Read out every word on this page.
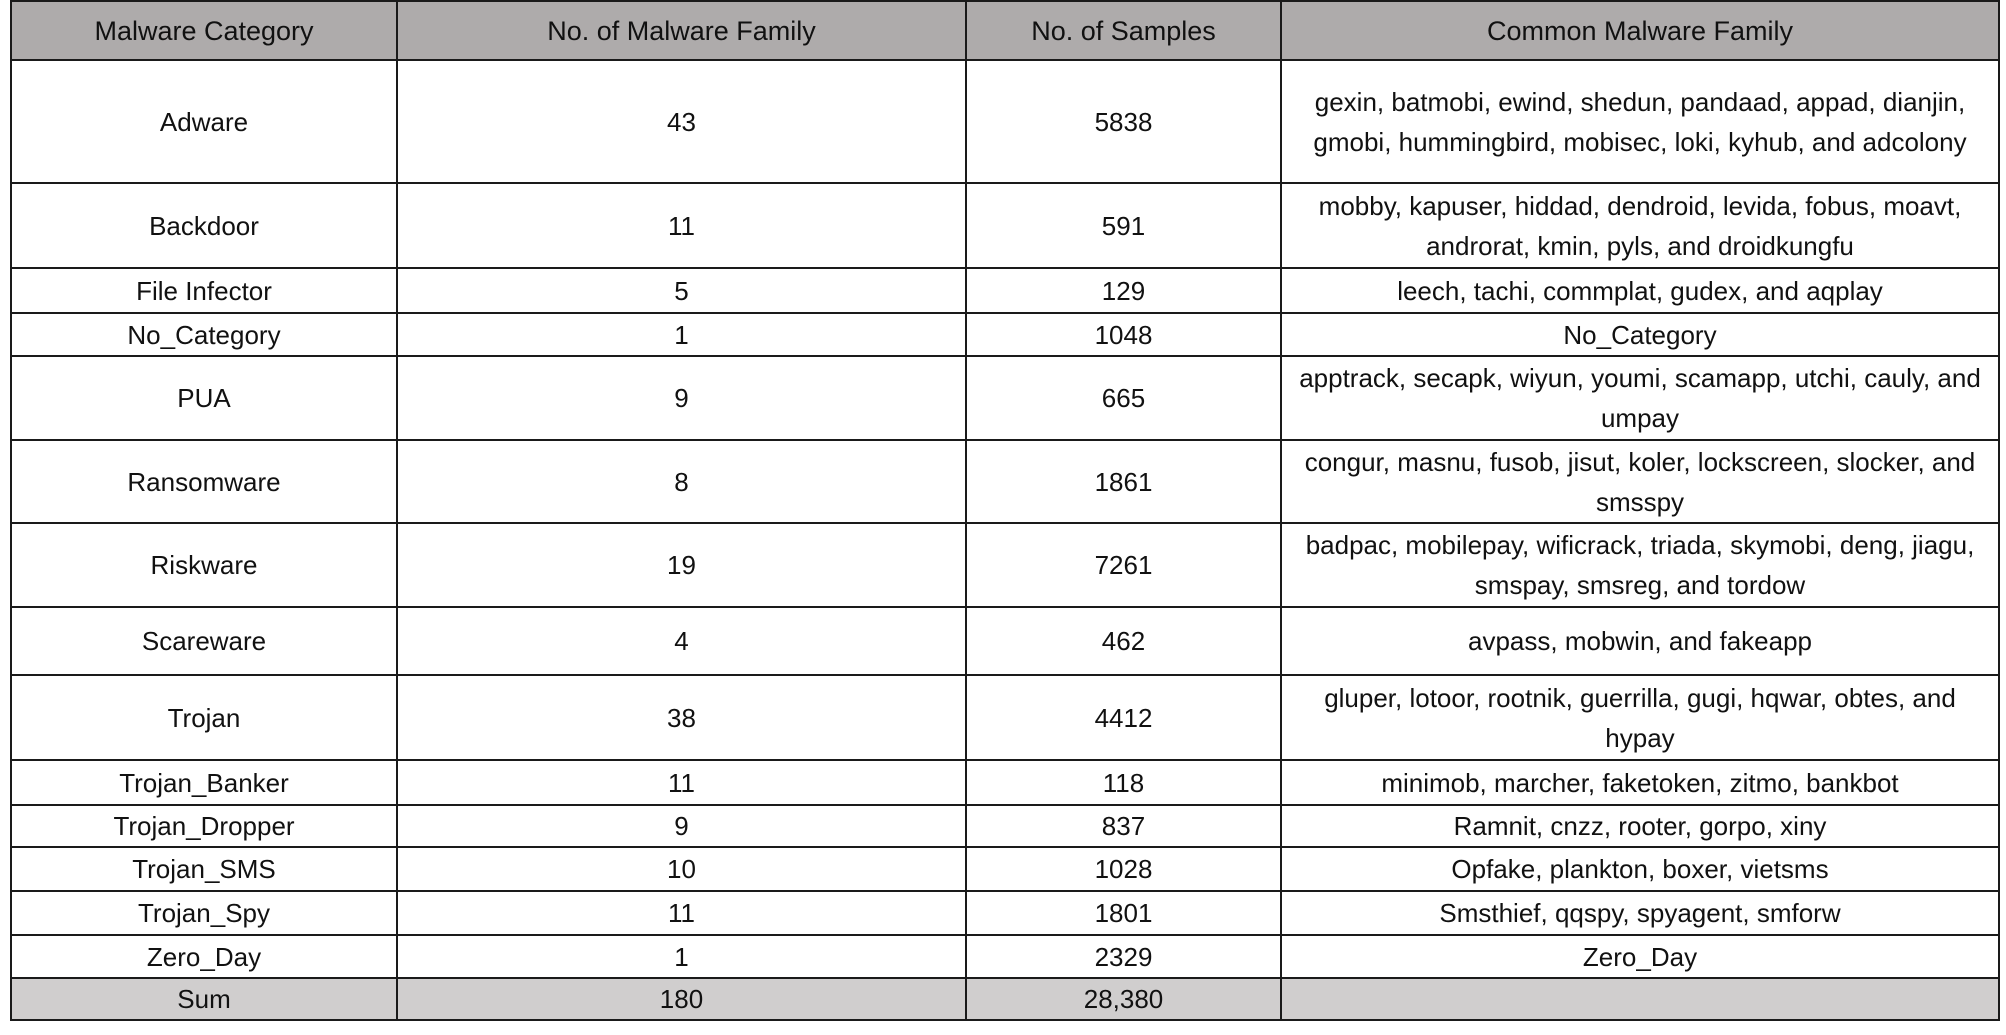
Malware Category	No. of Malware Family	No. of Samples	Common Malware Family
Adware	43	5838	gexin, batmobi, ewind, shedun, pandaad, appad, dianjin, gmobi, hummingbird, mobisec, loki, kyhub, and adcolony
Backdoor	11	591	mobby, kapuser, hiddad, dendroid, levida, fobus, moavt, androrat, kmin, pyls, and droidkungfu
File Infector	5	129	leech, tachi, commplat, gudex, and aqplay
No_Category	1	1048	No_Category
PUA	9	665	apptrack, secapk, wiyun, youmi, scamapp, utchi, cauly, and umpay
Ransomware	8	1861	congur, masnu, fusob, jisut, koler, lockscreen, slocker, and smsspy
Riskware	19	7261	badpac, mobilepay, wificrack, triada, skymobi, deng, jiagu, smspay, smsreg, and tordow
Scareware	4	462	avpass, mobwin, and fakeapp
Trojan	38	4412	gluper, lotoor, rootnik, guerrilla, gugi, hqwar, obtes, and hypay
Trojan_Banker	11	118	minimob, marcher, faketoken, zitmo, bankbot
Trojan_Dropper	9	837	Ramnit, cnzz, rooter, gorpo, xiny
Trojan_SMS	10	1028	Opfake, plankton, boxer, vietsms
Trojan_Spy	11	1801	Smsthief, qqspy, spyagent, smforw
Zero_Day	1	2329	Zero_Day
Sum	180	28,380	
